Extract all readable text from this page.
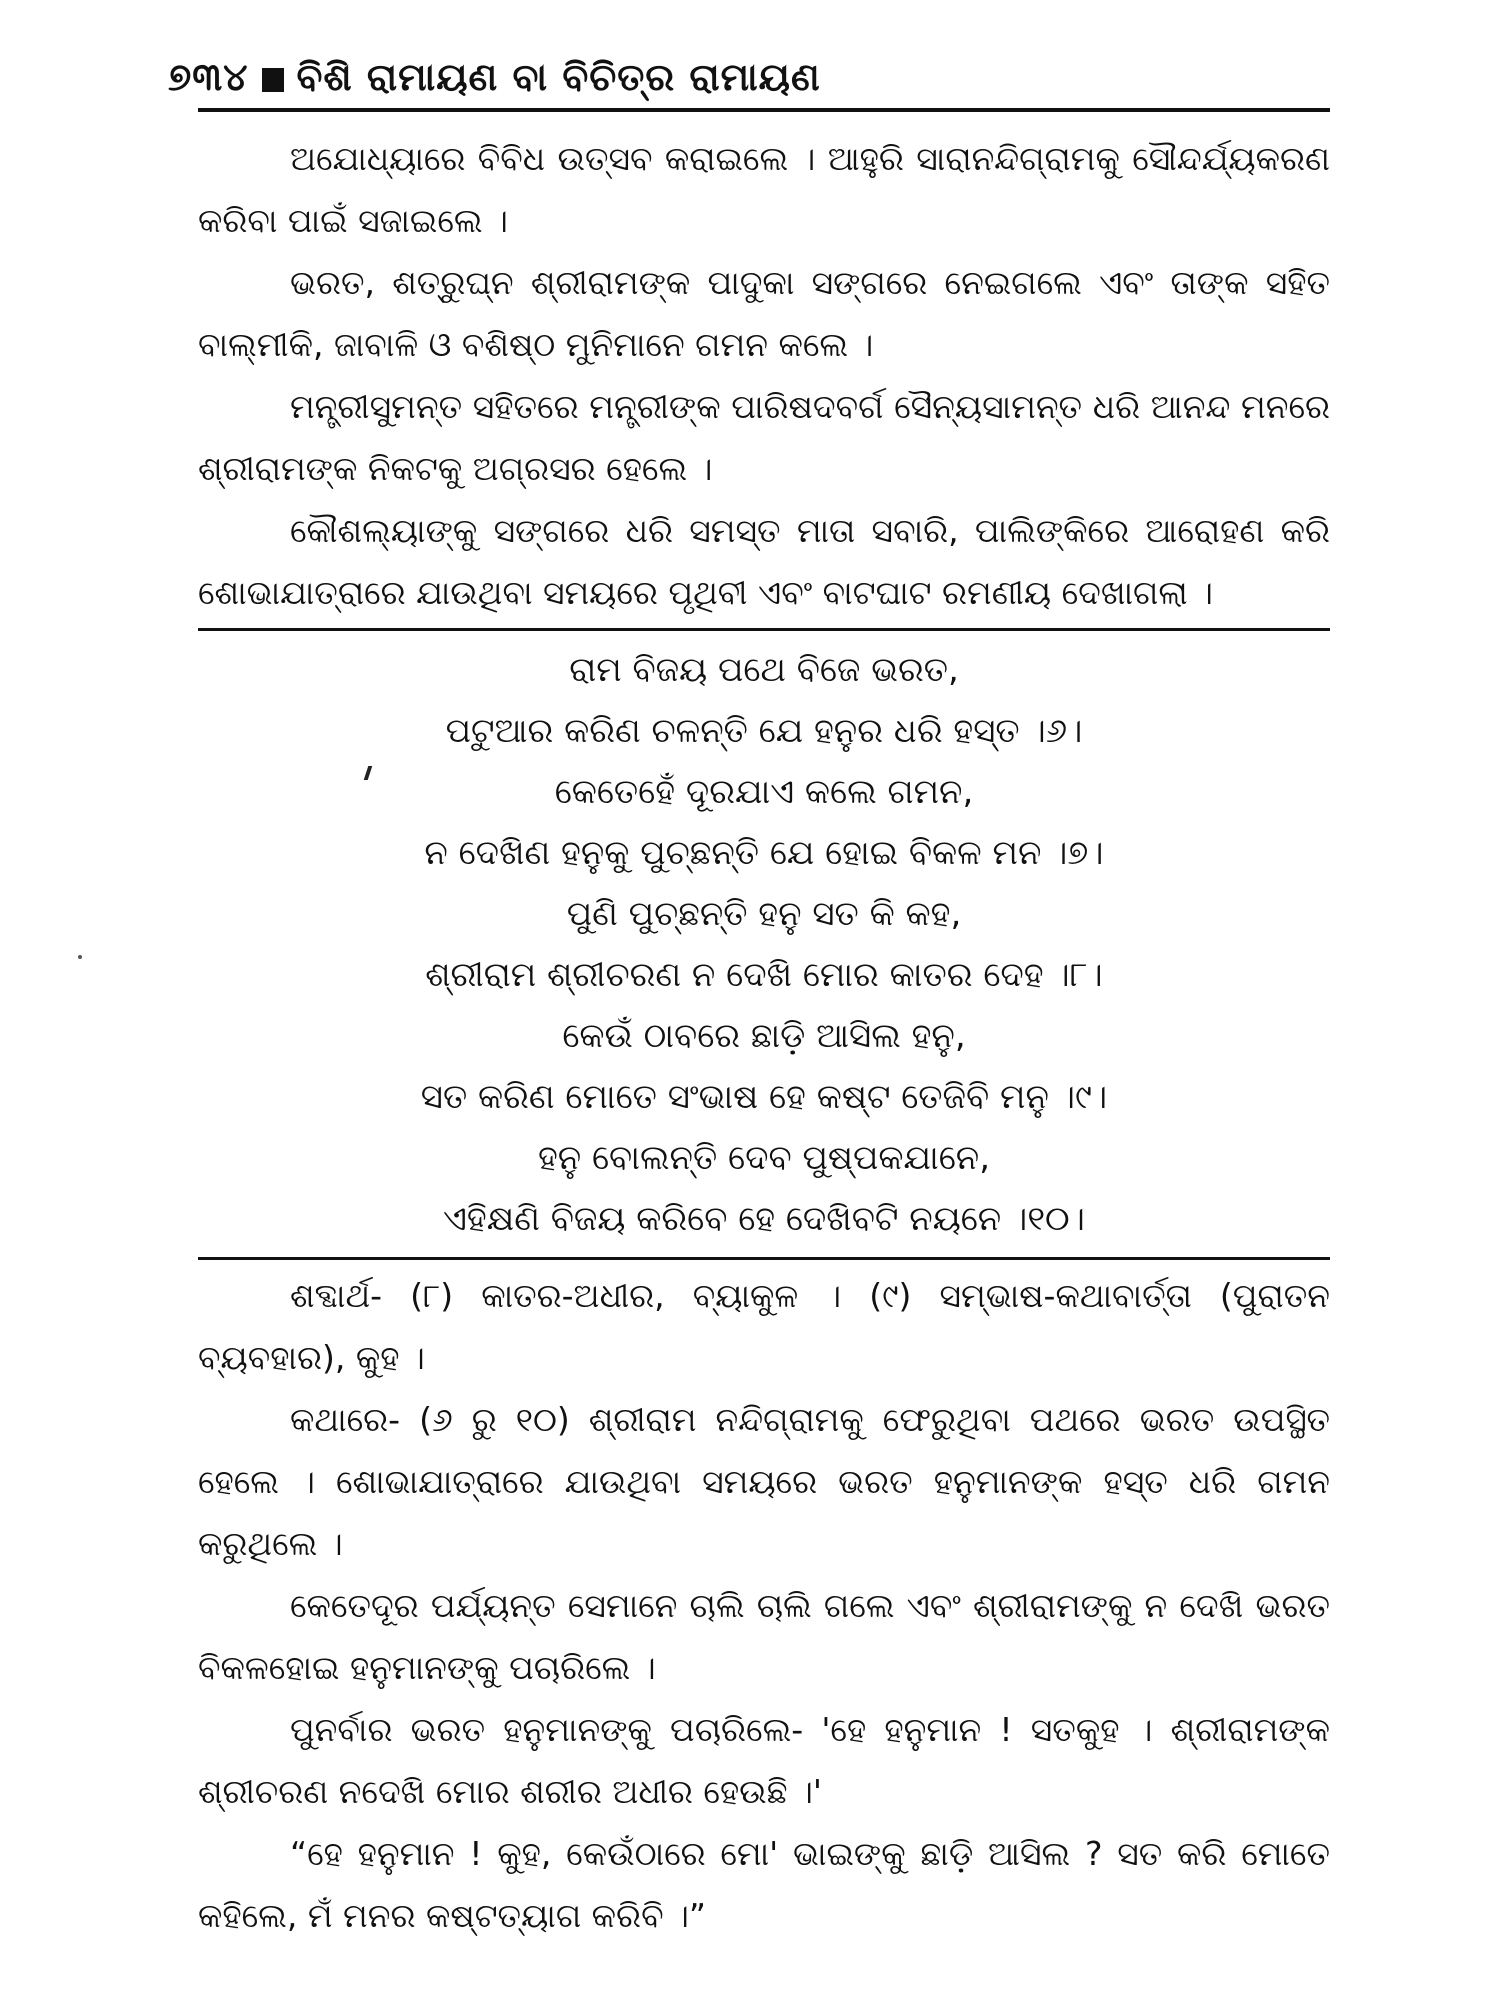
୭୩୪ ବିଶି ରାମାୟଣ ବା ବିଚିତ୍ର ରାମାୟଣ

ଅଯୋଧ୍ୟାରେ ବିବିଧ ଉତ୍ସବ କରାଇଲେ । ଆହୁରି ସାରାନନ୍ଦିଗ୍ରାମକୁ ସୌନ୍ଦର୍ଯ୍ୟକରଣ କରିବା ପାଇଁ ସଜାଇଲେ ।

ଭରତ, ଶତ୍ରୁଘ୍ନ ଶ୍ରୀରାମଙ୍କ ପାଦୁକା ସଙ୍ଗରେ ନେଇଗଲେ ଏବଂ ତାଙ୍କ ସହିତ ବାଲ୍ମୀକି, ଜାବାଳି ଓ ବଶିଷ୍ଠ ମୁନିମାନେ ଗମନ କଲେ ।

ମନ୍ତ୍ରୀସୁମନ୍ତ ସହିତରେ ମନ୍ତ୍ରୀଙ୍କ ପାରିଷଦବର୍ଗ ସୈନ୍ୟସାମନ୍ତ ଧରି ଆନନ୍ଦ ମନରେ ଶ୍ରୀରାମଙ୍କ ନିକଟକୁ ଅଗ୍ରସର ହେଲେ ।

କୌଶଲ୍ୟାଙ୍କୁ ସଙ୍ଗରେ ଧରି ସମସ୍ତ ମାତା ସବାରି, ପାଲିଙ୍କିରେ ଆରୋହଣ କରି ଶୋଭାଯାତ୍ରାରେ ଯାଉଥିବା ସମୟରେ ପୃଥିବୀ ଏବଂ ବାଟଘାଟ ରମଣୀୟ ଦେଖାଗଲା ।

ରାମ ବିଜୟ ପଥେ ବିଜେ ଭରତ,
ପଟୁଆର କରିଣ ଚଳନ୍ତି ଯେ ହନୁର ଧରି ହସ୍ତ ।୬।
କେତେହେଁ ଦୂରଯାଏ କଲେ ଗମନ,
ନ ଦେଖିଣ ହନୁକୁ ପୁଚ୍ଛନ୍ତି ଯେ ହୋଇ ବିକଳ ମନ ।୭।
ପୁଣି ପୁଚ୍ଛନ୍ତି ହନୁ ସତ କି କହ,
ଶ୍ରୀରାମ ଶ୍ରୀଚରଣ ନ ଦେଖି ମୋର କାତର ଦେହ ।୮।
କେଉଁ ଠାବରେ ଛାଡ଼ି ଆସିଲ ହନୁ,
ସତ କରିଣ ମୋତେ ସଂଭାଷ ହେ କଷ୍ଟ ତେଜିବି ମନୁ ।୯।
ହନୁ ବୋଲନ୍ତି ଦେବ ପୁଷ୍ପକଯାନେ,
ଏହିକ୍ଷଣି ବିଜୟ କରିବେ ହେ ଦେଖିବଟି ନୟନେ ।୧୦।

ଶବ୍ଦାର୍ଥ- (୮) କାତର-ଅଧୀର, ବ୍ୟାକୁଳ । (୯) ସମ୍ଭାଷ-କଥାବାର୍ତ୍ତା (ପୁରାତନ ବ୍ୟବହାର), କୁହ ।

କଥାରେ- (୬ ରୁ ୧୦) ଶ୍ରୀରାମ ନନ୍ଦିଗ୍ରାମକୁ ଫେରୁଥିବା ପଥରେ ଭରତ ଉପସ୍ଥିତ ହେଲେ । ଶୋଭାଯାତ୍ରାରେ ଯାଉଥିବା ସମୟରେ ଭରତ ହନୁମାନଙ୍କ ହସ୍ତ ଧରି ଗମନ କରୁଥିଲେ ।

କେତେଦୂର ପର୍ଯ୍ୟନ୍ତ ସେମାନେ ଚାଲି ଚାଲି ଗଲେ ଏବଂ ଶ୍ରୀରାମଙ୍କୁ ନ ଦେଖି ଭରତ ବିକଳହୋଇ ହନୁମାନଙ୍କୁ ପଚାରିଲେ ।

ପୁନର୍ବାର ଭରତ ହନୁମାନଙ୍କୁ ପଚାରିଲେ- 'ହେ ହନୁମାନ ! ସତକୁହ । ଶ୍ରୀରାମଙ୍କ ଶ୍ରୀଚରଣ ନଦେଖି ମୋର ଶରୀର ଅଧୀର ହେଉଛି ।'

“ହେ ହନୁମାନ ! କୁହ, କେଉଁଠାରେ ମୋ' ଭାଇଙ୍କୁ ଛାଡ଼ି ଆସିଲ ? ସତ କରି ମୋତେ କହିଲେ, ମଁ ମନର କଷ୍ଟତ୍ୟାଗ କରିବି ।”
